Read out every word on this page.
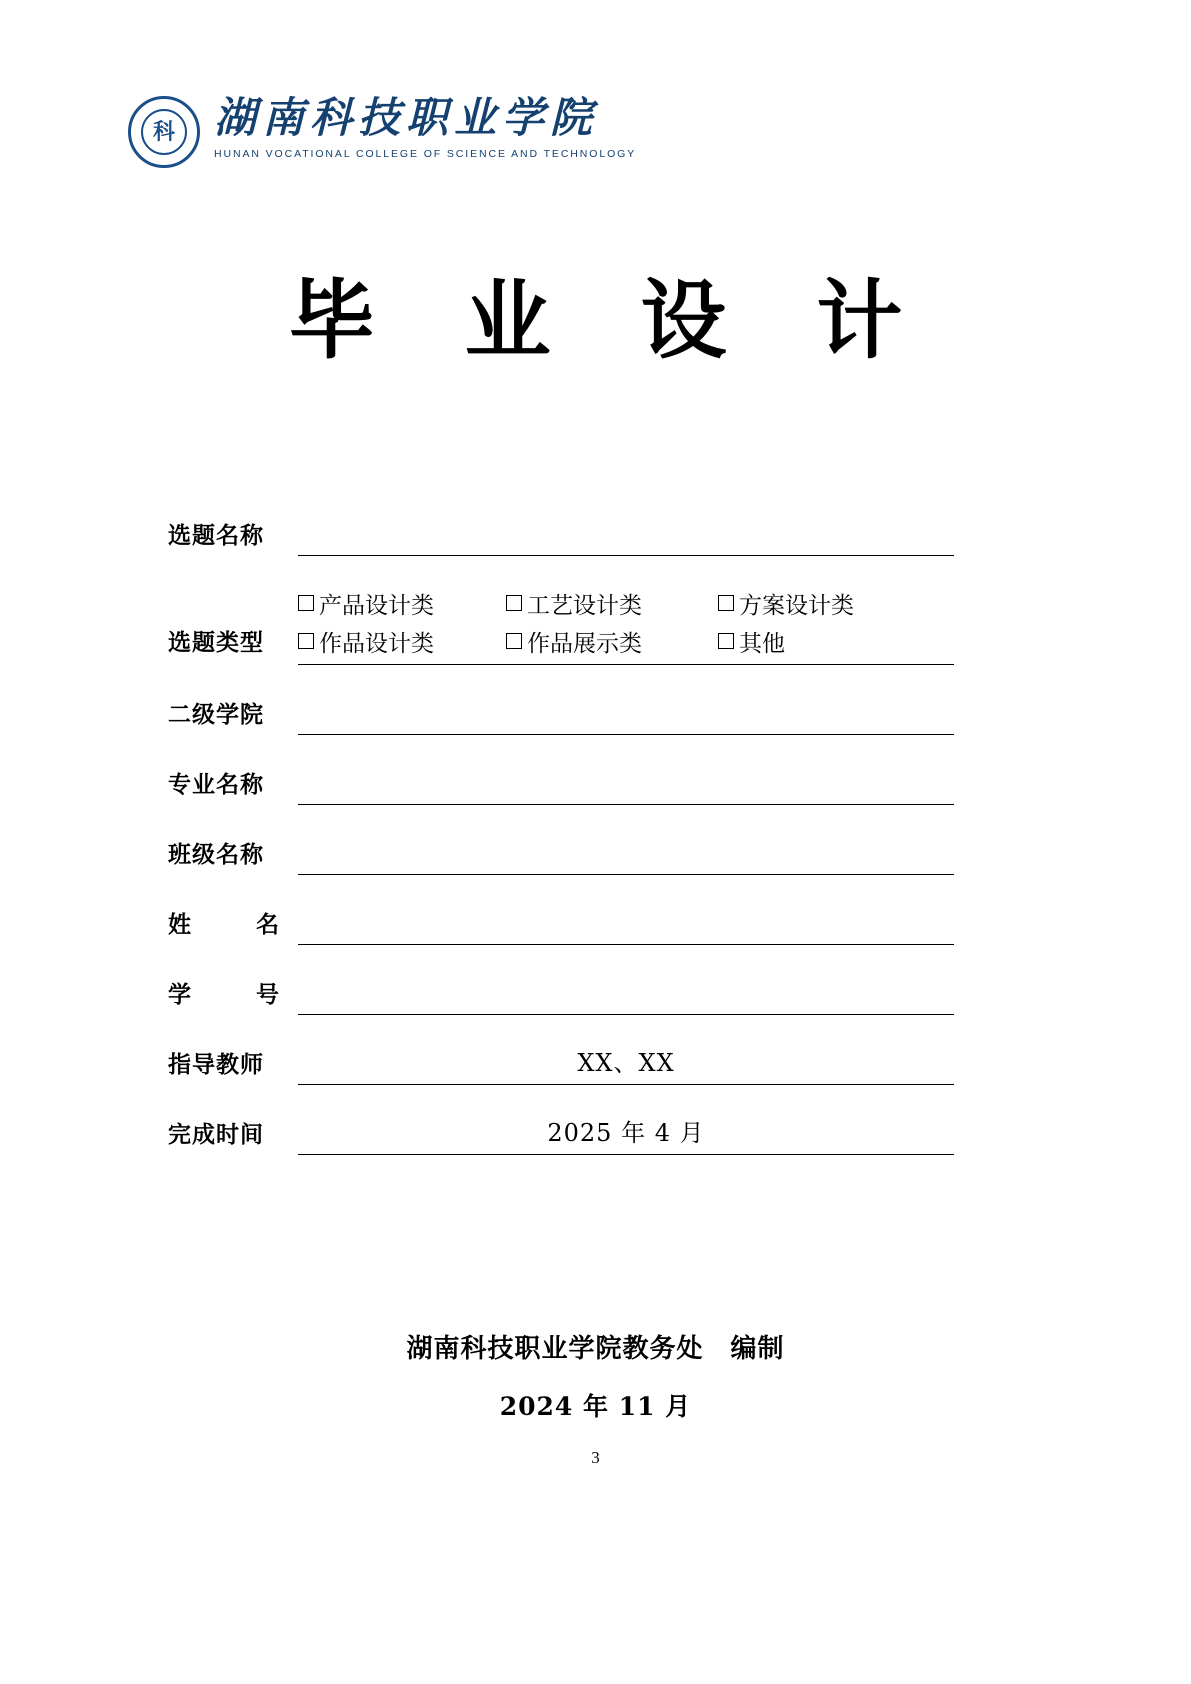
科 湖南科技职业学院
HUNAN VOCATIONAL COLLEGE OF SCIENCE AND TECHNOLOGY
毕 业 设 计
选题名称
选题类型
产品设计类	工艺设计类	方案设计类
作品设计类	作品展示类	其他
二级学院
专业名称
班级名称
姓	名
学	号
指导教师	XX、XX
完成时间	2025 年 4 月
湖南科技职业学院教务处　编制
2024 年 11 月
3
